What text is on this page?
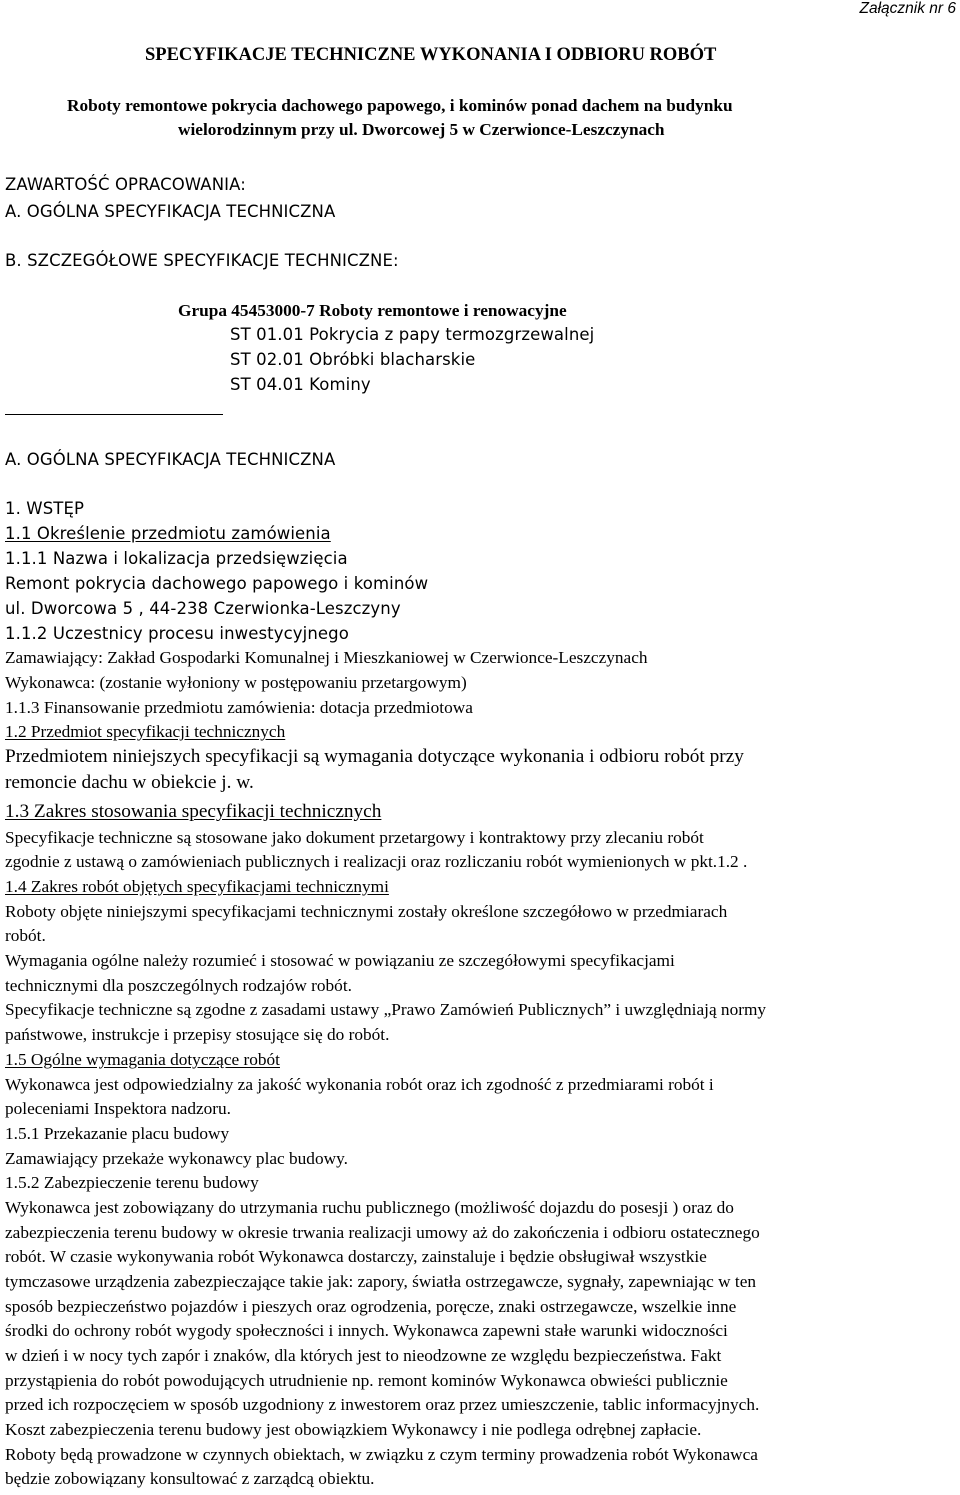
Załącznik nr 6
SPECYFIKACJE TECHNICZNE WYKONANIA I ODBIORU ROBÓT
Roboty remontowe pokrycia dachowego papowego, i kominów ponad dachem na budynku
wielorodzinnym przy ul. Dworcowej 5 w Czerwionce-Leszczynach
ZAWARTOŚĆ OPRACOWANIA:
A. OGÓLNA SPECYFIKACJA TECHNICZNA
B. SZCZEGÓŁOWE SPECYFIKACJE TECHNICZNE:
Grupa 45453000-7 Roboty remontowe i renowacyjne
ST 01.01 Pokrycia z papy termozgrzewalnej
ST 02.01 Obróbki blacharskie
ST 04.01 Kominy
A. OGÓLNA SPECYFIKACJA TECHNICZNA
1. WSTĘP
1.1 Określenie przedmiotu zamówienia
1.1.1 Nazwa i lokalizacja przedsięwzięcia
Remont pokrycia dachowego papowego i kominów
ul. Dworcowa 5 , 44-238 Czerwionka-Leszczyny
1.1.2 Uczestnicy procesu inwestycyjnego
Zamawiający: Zakład Gospodarki Komunalnej i Mieszkaniowej w Czerwionce-Leszczynach
Wykonawca: (zostanie wyłoniony w postępowaniu przetargowym)
1.1.3 Finansowanie przedmiotu zamówienia: dotacja przedmiotowa
1.2 Przedmiot specyfikacji technicznych
Przedmiotem niniejszych specyfikacji są wymagania dotyczące wykonania i odbioru robót przy
remoncie dachu w obiekcie j. w.
1.3 Zakres stosowania specyfikacji technicznych
Specyfikacje techniczne są stosowane jako dokument przetargowy i kontraktowy przy zlecaniu robót
zgodnie z ustawą o zamówieniach publicznych i realizacji oraz rozliczaniu robót wymienionych w pkt.1.2 .
1.4 Zakres robót objętych specyfikacjami technicznymi
Roboty objęte niniejszymi specyfikacjami technicznymi zostały określone szczegółowo w przedmiarach
robót.
Wymagania ogólne należy rozumieć i stosować w powiązaniu ze szczegółowymi specyfikacjami
technicznymi dla poszczególnych rodzajów robót.
Specyfikacje techniczne są zgodne z zasadami ustawy „Prawo Zamówień Publicznych” i uwzględniają normy
państwowe, instrukcje i przepisy stosujące się do robót.
1.5 Ogólne wymagania dotyczące robót
Wykonawca jest odpowiedzialny za jakość wykonania robót oraz ich zgodność z przedmiarami robót i
poleceniami Inspektora nadzoru.
1.5.1 Przekazanie placu budowy
Zamawiający przekaże wykonawcy plac budowy.
1.5.2 Zabezpieczenie terenu budowy
Wykonawca jest zobowiązany do utrzymania ruchu publicznego (możliwość dojazdu do posesji ) oraz do
zabezpieczenia terenu budowy w okresie trwania realizacji umowy aż do zakończenia i odbioru ostatecznego
robót. W czasie wykonywania robót Wykonawca dostarczy, zainstaluje i będzie obsługiwał wszystkie
tymczasowe urządzenia zabezpieczające takie jak: zapory, światła ostrzegawcze, sygnały, zapewniając w ten
sposób bezpieczeństwo pojazdów i pieszych oraz ogrodzenia, poręcze, znaki ostrzegawcze, wszelkie inne
środki do ochrony robót wygody społeczności i innych. Wykonawca zapewni stałe warunki widoczności
w dzień i w nocy tych zapór i znaków, dla których jest to nieodzowne ze względu bezpieczeństwa. Fakt
przystąpienia do robót powodujących utrudnienie np. remont kominów Wykonawca obwieści publicznie
przed ich rozpoczęciem w sposób uzgodniony z inwestorem oraz przez umieszczenie, tablic informacyjnych.
Koszt zabezpieczenia terenu budowy jest obowiązkiem Wykonawcy i nie podlega odrębnej zapłacie.
Roboty będą prowadzone w czynnych obiektach, w związku z czym terminy prowadzenia robót Wykonawca
będzie zobowiązany konsultować z zarządcą obiektu.
